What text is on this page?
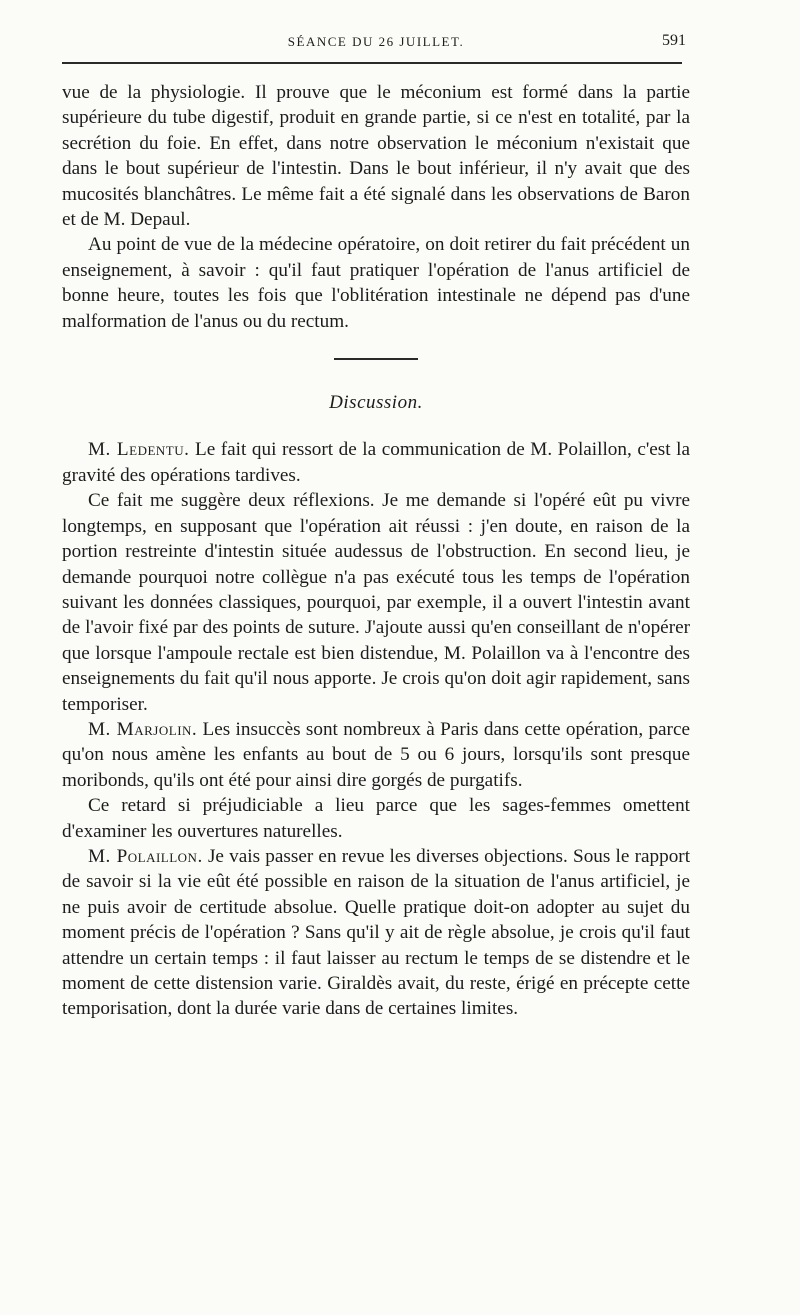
SÉANCE DU 26 JUILLET.	591

vue de la physiologie. Il prouve que le méconium est formé dans la partie supérieure du tube digestif, produit en grande partie, si ce n'est en totalité, par la secrétion du foie. En effet, dans notre observation le méconium n'existait que dans le bout supérieur de l'intestin. Dans le bout inférieur, il n'y avait que des mucosités blanchâtres. Le même fait a été signalé dans les observations de Baron et de M. Depaul.

Au point de vue de la médecine opératoire, on doit retirer du fait précédent un enseignement, à savoir : qu'il faut pratiquer l'opération de l'anus artificiel de bonne heure, toutes les fois que l'oblitération intestinale ne dépend pas d'une malformation de l'anus ou du rectum.

Discussion.

M. Ledentu. Le fait qui ressort de la communication de M. Polaillon, c'est la gravité des opérations tardives.

Ce fait me suggère deux réflexions. Je me demande si l'opéré eût pu vivre longtemps, en supposant que l'opération ait réussi : j'en doute, en raison de la portion restreinte d'intestin située audessus de l'obstruction. En second lieu, je demande pourquoi notre collègue n'a pas exécuté tous les temps de l'opération suivant les données classiques, pourquoi, par exemple, il a ouvert l'intestin avant de l'avoir fixé par des points de suture. J'ajoute aussi qu'en conseillant de n'opérer que lorsque l'ampoule rectale est bien distendue, M. Polaillon va à l'encontre des enseignements du fait qu'il nous apporte. Je crois qu'on doit agir rapidement, sans temporiser.

M. Marjolin. Les insuccès sont nombreux à Paris dans cette opération, parce qu'on nous amène les enfants au bout de 5 ou 6 jours, lorsqu'ils sont presque moribonds, qu'ils ont été pour ainsi dire gorgés de purgatifs.

Ce retard si préjudiciable a lieu parce que les sages-femmes omettent d'examiner les ouvertures naturelles.

M. Polaillon. Je vais passer en revue les diverses objections. Sous le rapport de savoir si la vie eût été possible en raison de la situation de l'anus artificiel, je ne puis avoir de certitude absolue. Quelle pratique doit-on adopter au sujet du moment précis de l'opération ? Sans qu'il y ait de règle absolue, je crois qu'il faut attendre un certain temps : il faut laisser au rectum le temps de se distendre et le moment de cette distension varie. Giraldès avait, du reste, érigé en précepte cette temporisation, dont la durée varie dans de certaines limites.
